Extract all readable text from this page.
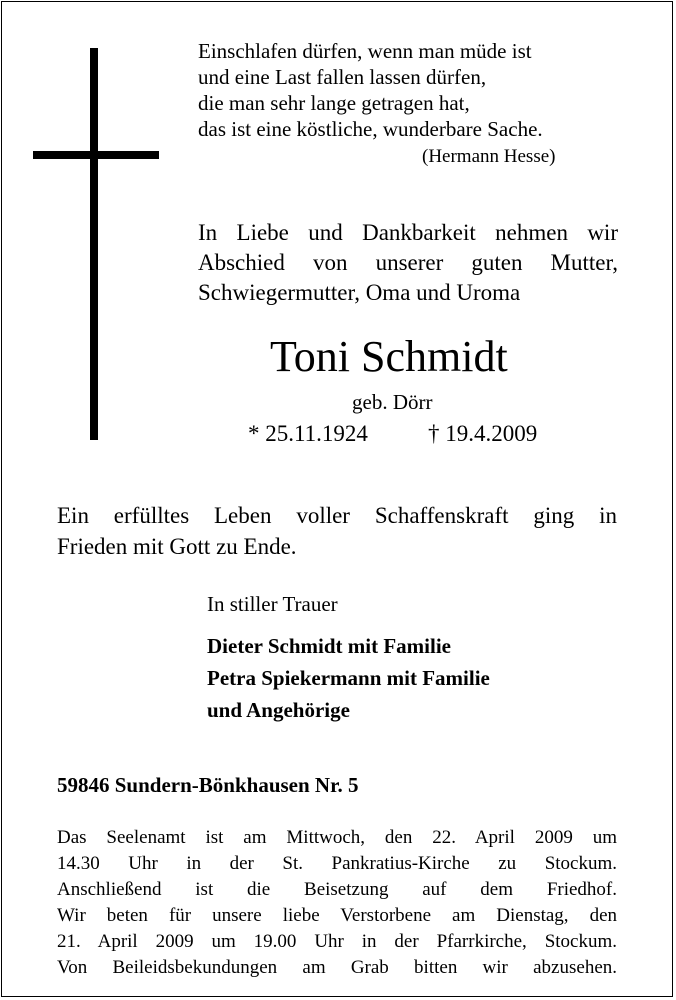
Einschlafen dürfen, wenn man müde ist
und eine Last fallen lassen dürfen,
die man sehr lange getragen hat,
das ist eine köstliche, wunderbare Sache.
(Hermann Hesse)
In Liebe und Dankbarkeit nehmen wir
Abschied von unserer guten Mutter,
Schwiegermutter, Oma und Uroma
Toni Schmidt
geb. Dörr
* 25.11.1924	† 19.4.2009
Ein erfülltes Leben voller Schaffenskraft ging in
Frieden mit Gott zu Ende.
In stiller Trauer
Dieter Schmidt mit Familie
Petra Spiekermann mit Familie
und Angehörige
59846 Sundern-Bönkhausen Nr. 5
Das Seelenamt ist am Mittwoch, den 22. April 2009 um
14.30 Uhr in der St. Pankratius-Kirche zu Stockum.
Anschließend ist die Beisetzung auf dem Friedhof.
Wir beten für unsere liebe Verstorbene am Dienstag, den
21. April 2009 um 19.00 Uhr in der Pfarrkirche, Stockum.
Von Beileidsbekundungen am Grab bitten wir abzusehen.
